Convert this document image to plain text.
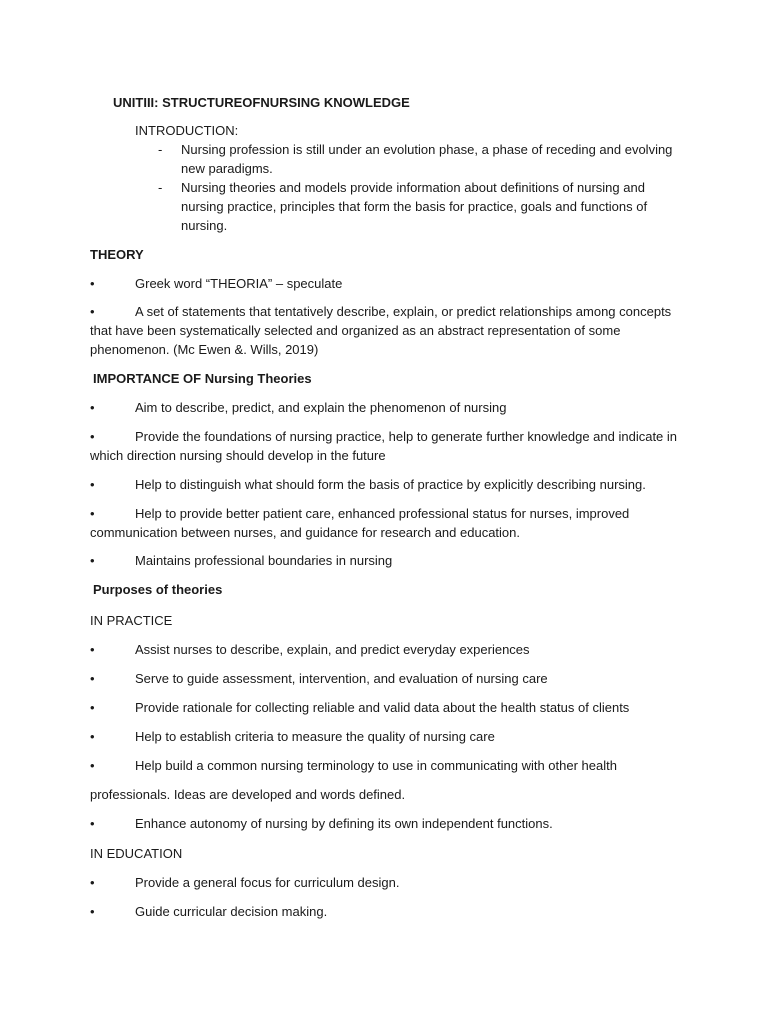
UNITIII: STRUCTUREOFNURSING KNOWLEDGE
INTRODUCTION:
- Nursing profession is still under an evolution phase, a phase of receding and evolving
new paradigms.
- Nursing theories and models provide information about definitions of nursing and
nursing practice, principles that form the basis for practice, goals and functions of
nursing.
THEORY
•	Greek word “THEORIA” – speculate
•	A set of statements that tentatively describe, explain, or predict relationships among concepts
that have been systematically selected and organized as an abstract representation of some
phenomenon. (Mc Ewen &. Wills, 2019)
IMPORTANCE OF Nursing Theories
•	Aim to describe, predict, and explain the phenomenon of nursing
•	Provide the foundations of nursing practice, help to generate further knowledge and indicate in
which direction nursing should develop in the future
•	Help to distinguish what should form the basis of practice by explicitly describing nursing.
•	Help to provide better patient care, enhanced professional status for nurses, improved
communication between nurses, and guidance for research and education.
•	Maintains professional boundaries in nursing
Purposes of theories
IN PRACTICE
•	Assist nurses to describe, explain, and predict everyday experiences
•	Serve to guide assessment, intervention, and evaluation of nursing care
•	Provide rationale for collecting reliable and valid data about the health status of clients
•	Help to establish criteria to measure the quality of nursing care
•	Help build a common nursing terminology to use in communicating with other health
professionals. Ideas are developed and words defined.
•	Enhance autonomy of nursing by defining its own independent functions.
IN EDUCATION
•	Provide a general focus for curriculum design.
•	Guide curricular decision making.
